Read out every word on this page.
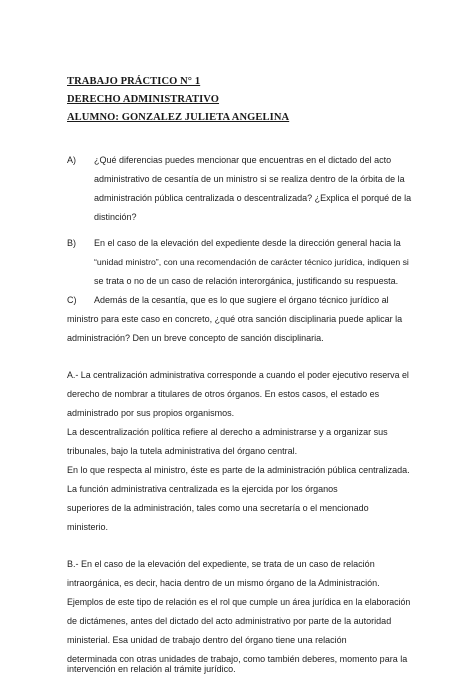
TRABAJO PRÁCTICO N° 1
DERECHO ADMINISTRATIVO
ALUMNO: GONZALEZ JULIETA ANGELINA
A) ¿Qué diferencias puedes mencionar que encuentras en el dictado del acto
administrativo de cesantía de un ministro si se realiza dentro de la órbita de la
administración pública centralizada o descentralizada? ¿Explica el porqué de la
distinción?
B) En el caso de la elevación del expediente desde la dirección general hacia la
“unidad ministro”, con una recomendación de carácter técnico jurídica, indiquen si
se trata o no de un caso de relación interorgánica, justificando su respuesta.
C) Además de la cesantía, que es lo que sugiere el órgano técnico jurídico al
ministro para este caso en concreto, ¿qué otra sanción disciplinaria puede aplicar la
administración? Den un breve concepto de sanción disciplinaria.
A.- La centralización administrativa corresponde a cuando el poder ejecutivo reserva el
derecho de nombrar a titulares de otros órganos. En estos casos, el estado es
administrado por sus propios organismos.
La descentralización política refiere al derecho a administrarse y a organizar sus
tribunales, bajo la tutela administrativa del órgano central.
En lo que respecta al ministro, éste es parte de la administración pública centralizada.
La función administrativa centralizada es la ejercida por los órganos
superiores de la administración, tales como una secretaría o el mencionado
ministerio.
B.- En el caso de la elevación del expediente, se trata de un caso de relación
intraorgánica, es decir, hacia dentro de un mismo órgano de la Administración.
Ejemplos de este tipo de relación es el rol que cumple un área jurídica en la elaboración
de dictámenes, antes del dictado del acto administrativo por parte de la autoridad
ministerial. Esa unidad de trabajo dentro del órgano tiene una relación
determinada con otras unidades de trabajo, como también deberes, momento para la
intervención en relación al trámite jurídico.
